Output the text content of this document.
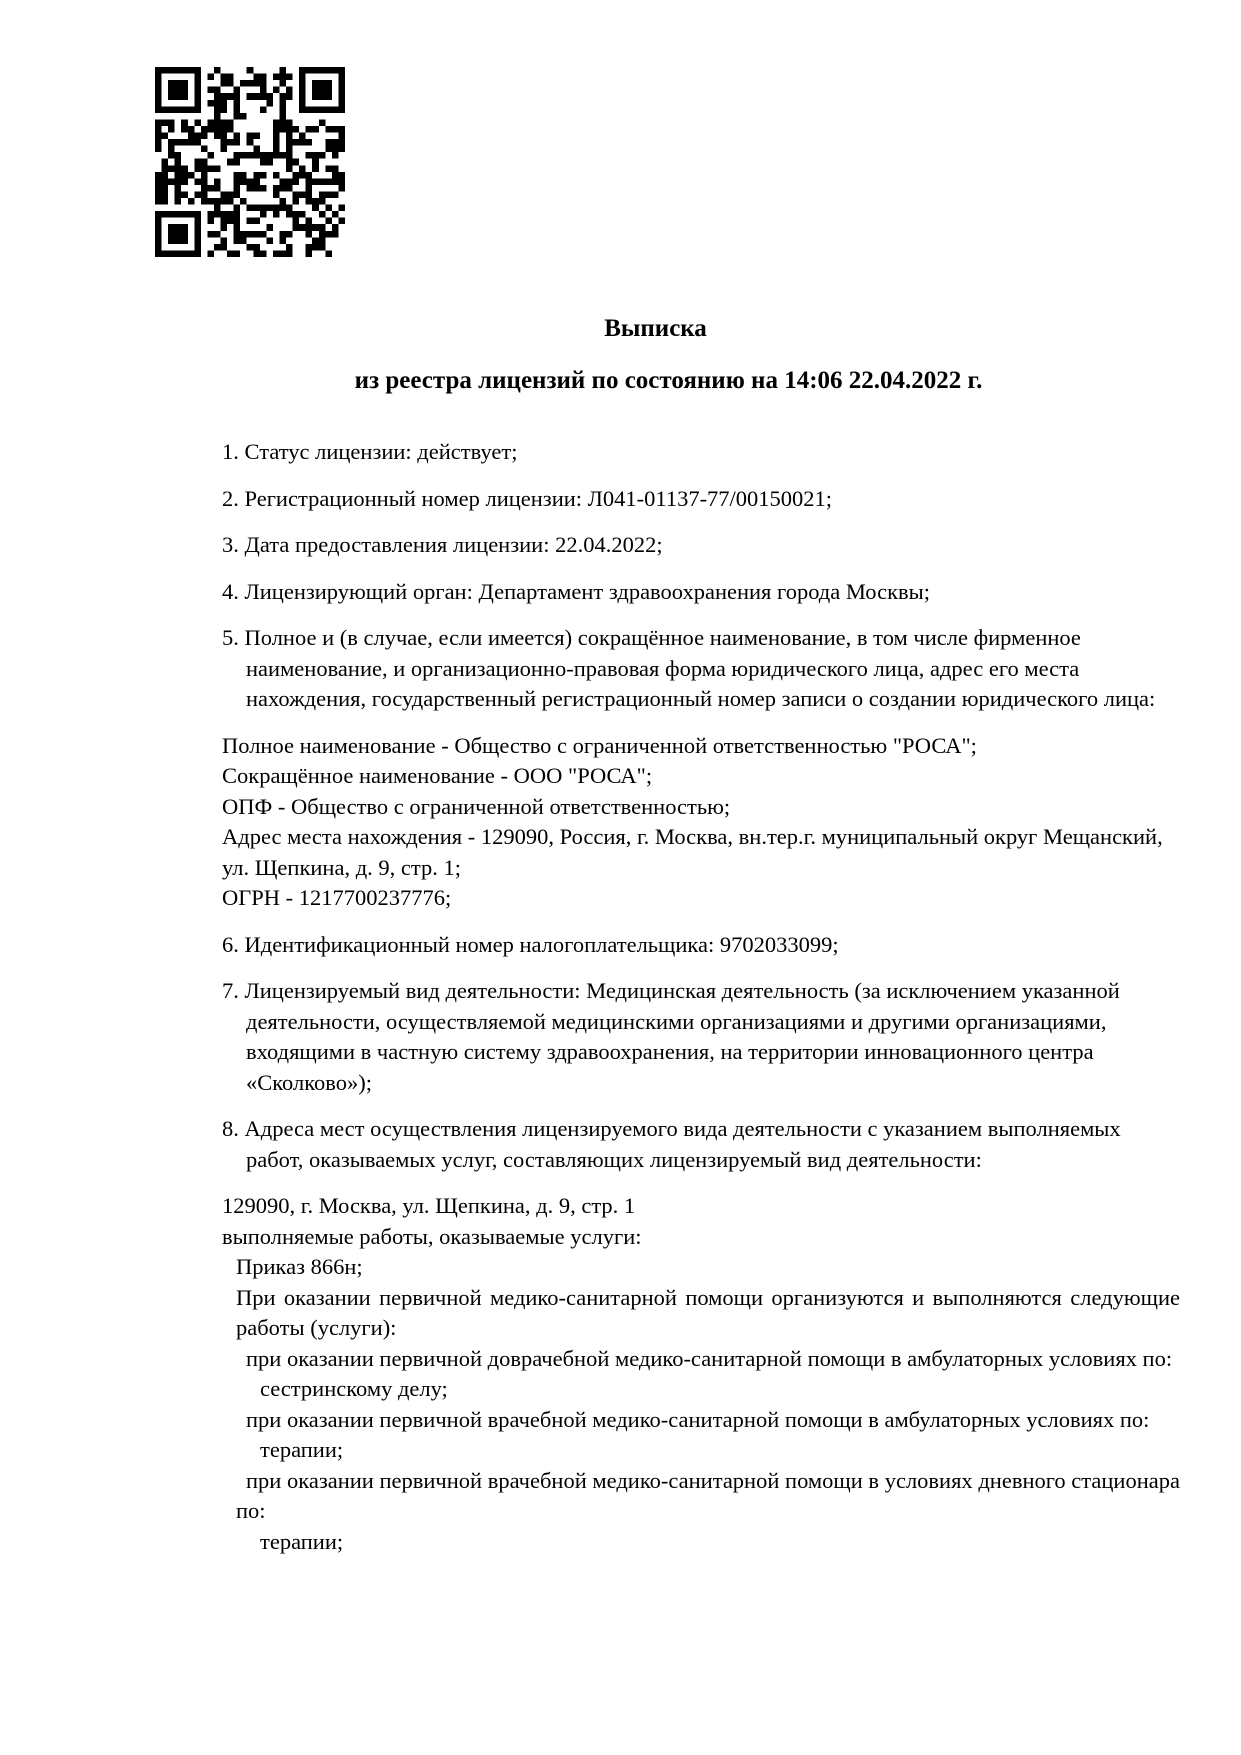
Выписка
из реестра лицензий по состоянию на 14:06 22.04.2022 г.
1. Статус лицензии: действует;
2. Регистрационный номер лицензии: Л041-01137-77/00150021;
3. Дата предоставления лицензии: 22.04.2022;
4. Лицензирующий орган: Департамент здравоохранения города Москвы;
5. Полное и (в случае, если имеется) сокращённое наименование, в том числе фирменное наименование, и организационно-правовая форма юридического лица, адрес его места нахождения, государственный регистрационный номер записи о создании юридического лица:
Полное наименование - Общество с ограниченной ответственностью "РОСА";
Сокращённое наименование - ООО "РОСА";
ОПФ - Общество с ограниченной ответственностью;
Адрес места нахождения - 129090, Россия, г. Москва, вн.тер.г. муниципальный округ Мещанский, ул. Щепкина, д. 9, стр. 1;
ОГРН - 1217700237776;
6. Идентификационный номер налогоплательщика: 9702033099;
7. Лицензируемый вид деятельности: Медицинская деятельность (за исключением указанной деятельности, осуществляемой медицинскими организациями и другими организациями, входящими в частную систему здравоохранения, на территории инновационного центра «Сколково»);
8. Адреса мест осуществления лицензируемого вида деятельности с указанием выполняемых работ, оказываемых услуг, составляющих лицензируемый вид деятельности:
129090, г. Москва, ул. Щепкина, д. 9, стр. 1
выполняемые работы, оказываемые услуги:
Приказ 866н;
При оказании первичной медико-санитарной помощи организуются и выполняются следующие работы (услуги):
при оказании первичной доврачебной медико-санитарной помощи в амбулаторных условиях по:
сестринскому делу;
при оказании первичной врачебной медико-санитарной помощи в амбулаторных условиях по:
терапии;
при оказании первичной врачебной медико-санитарной помощи в условиях дневного стационара по:
терапии;
